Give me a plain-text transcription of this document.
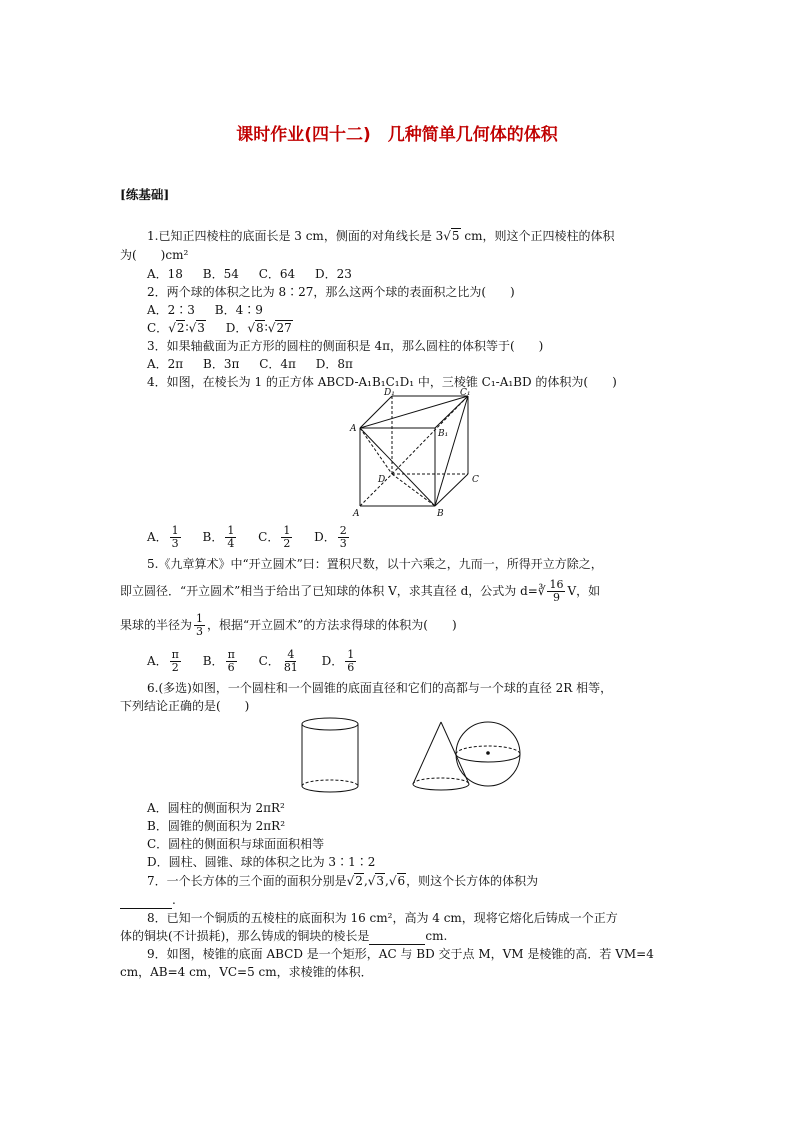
课时作业(四十二)　几种简单几何体的体积
[练基础]
1.已知正四棱柱的底面长是 3 cm，侧面的对角线长是 3√5 cm，则这个正四棱柱的体积
为(　　)cm²
A．18 B．54 C．64 D．23
2．两个球的体积之比为 8∶27，那么这两个球的表面积之比为(　　)
A．2∶3 B．4∶9
C．√2∶√3 D．√8∶√27
3．如果轴截面为正方形的圆柱的侧面积是 4π，那么圆柱的体积等于(　　)
A．2π B．3π C．4π D．8π
4．如图，在棱长为 1 的正方体 ABCD-A₁B₁C₁D₁ 中，三棱锥 C₁-A₁BD 的体积为(　　)
D₁	C₁
A	B₁
D	C
A	B
A． $\frac{1}{3}$ B． $\frac{1}{4}$ C． $\frac{1}{2}$ D． $\frac{2}{3}$
5.《九章算术》中“开立圆术”曰：置积尺数，以十六乘之，九而一，所得开立方除之，
即立圆径．“开立圆术”相当于给出了已知球的体积 V，求其直径 d，公式为 d=∛ $\frac{16}{9}$ V，如
果球的半径为 $\frac{1}{3}$ ，根据“开立圆术”的方法求得球的体积为(　　)
A． $\frac{\pi}{2}$ B． $\frac{\pi}{6}$ C． $\frac{4}{81}$ D． $\frac{1}{6}$
6.(多选)如图，一个圆柱和一个圆锥的底面直径和它们的高都与一个球的直径 2R 相等，
下列结论正确的是(　　)
A．圆柱的侧面积为 2πR²
B．圆锥的侧面积为 2πR²
C．圆柱的侧面积与球面面积相等
D．圆柱、圆锥、球的体积之比为 3∶1∶2
7．一个长方体的三个面的面积分别是√2,√3,√6，则这个长方体的体积为
.
8．已知一个铜质的五棱柱的底面积为 16 cm²，高为 4 cm，现将它熔化后铸成一个正方
体的铜块(不计损耗)，那么铸成的铜块的棱长是	cm.
9．如图，棱锥的底面 ABCD 是一个矩形，AC 与 BD 交于点 M，VM 是棱锥的高．若 VM=4
cm，AB=4 cm，VC=5 cm，求棱锥的体积．
